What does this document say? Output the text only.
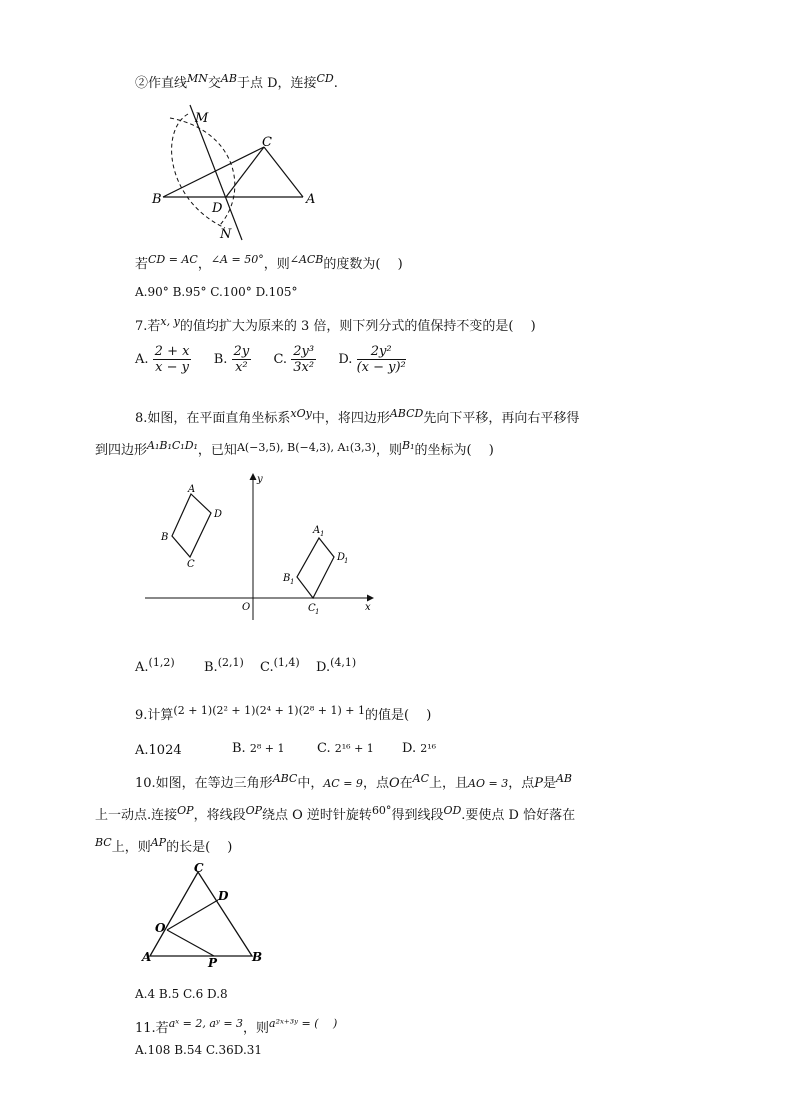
②作直线$^{MN}$交$^{AB}$于点 D，连接$^{CD}$.
M
C
B
D
A
N
若$^{CD = AC}$，$^{\angle A = 50^\circ}$，则$^{\angle ACB}$的度数为(　 )
A.90° B.95° C.100° D.105°
7.若$^{x, y}$的值均扩大为原来的 3 倍，则下列分式的值保持不变的是(　 )
A. $\frac{2 + x}{x - y} B$. $\frac{2y}{\text{x²}} C$. $\frac{\text{2y³}}{\text{3x²}} D$. $\frac{\text{2y²}}{\text{(x − y)²}}$
8.如图，在平面直角坐标系$^{xOy}$中，将四边形$^{ABCD}$先向下平移，再向右平移得
到四边形$^{A_1B_1C_1D_1}$，已知$^{A(-3,5), B(-4,3), A_1(3,3)}$，则$^{B_1}$的坐标为(　 )
A
D
B
C
A 1
D
1
B 1
C 1
O	x
y
A.$^{(1,2)}$ B.$^{(2,1)}$ C.$^{(1,4)}$ D.$^{(4,1)}$
9.计算$^{(2 + 1)(2^2 + 1)(2^4 + 1)(2^8 + 1) + 1}$的值是(　 )
A.1024	B. 2⁸ + 1	C. 2¹⁶ + 1 D. 2¹⁶
10.如图，在等边三角形$^{ABC}$中，AC = 9，点O在$^{AC}$上，且AO = 3，点P是$^{AB}$
上一动点.连接$^{OP}$，将线段$^{OP}$绕点 O 逆时针旋转$^{60^\circ}$得到线段$^{OD}$.要使点 D 恰好落在
$^{BC}$上，则$^{AP}$的长是(　 )
C
D
O
A	P	B
A.4 B.5 C.6 D.8
11.若$^{aˣ = 2, aʸ = 3}$，则$^{a^2ˣ^{+3}ʸ = ( )}$
A.108 B.54 C.36D.31
